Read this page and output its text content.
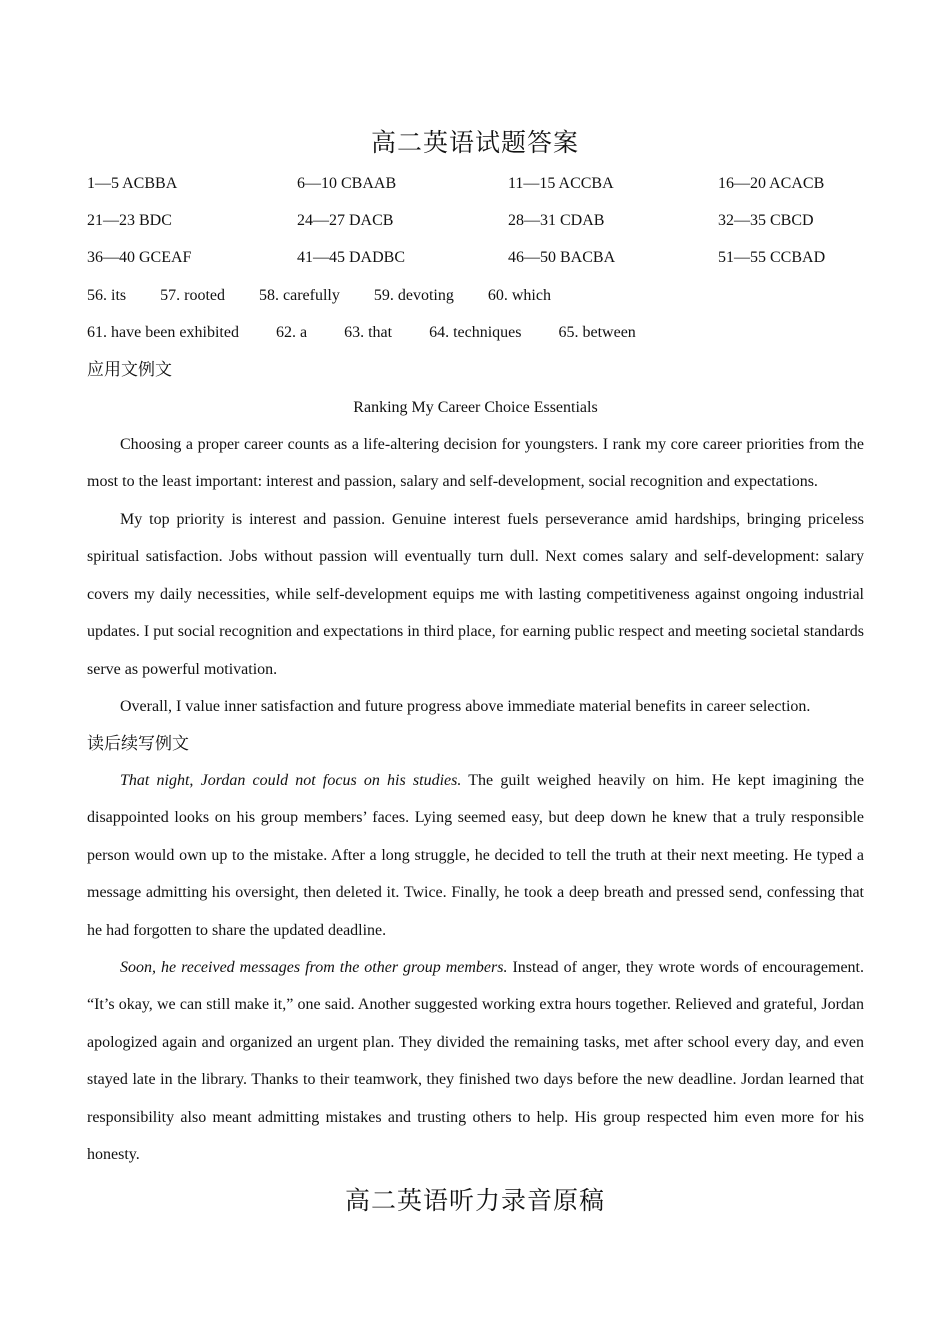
高二英语试题答案
1—5 ACBBA	6—10 CBAAB	11—15 ACCBA	16—20 ACACB
21—23 BDC	24—27 DACB	28—31 CDAB	32—35 CBCD
36—40 GCEAF	41—45 DADBC	46—50 BACBA	51—55 CCBAD
56. its 57. rooted 58. carefully 59. devoting 60. which
61. have been exhibited 62. a 63. that 64. techniques 65. between
应用文例文
Ranking My Career Choice Essentials

Choosing a proper career counts as a life-altering decision for youngsters. I rank my core career priorities from the most to the least important: interest and passion, salary and self-development, social recognition and expectations.

My top priority is interest and passion. Genuine interest fuels perseverance amid hardships, bringing priceless spiritual satisfaction. Jobs without passion will eventually turn dull. Next comes salary and self-development: salary covers my daily necessities, while self-development equips me with lasting competitiveness against ongoing industrial updates. I put social recognition and expectations in third place, for earning public respect and meeting societal standards serve as powerful motivation.

Overall, I value inner satisfaction and future progress above immediate material benefits in career selection.

读后续写例文

That night, Jordan could not focus on his studies. The guilt weighed heavily on him. He kept imagining the disappointed looks on his group members’ faces. Lying seemed easy, but deep down he knew that a truly responsible person would own up to the mistake. After a long struggle, he decided to tell the truth at their next meeting. He typed a message admitting his oversight, then deleted it. Twice. Finally, he took a deep breath and pressed send, confessing that he had forgotten to share the updated deadline.

Soon, he received messages from the other group members. Instead of anger, they wrote words of encouragement. “It’s okay, we can still make it,” one said. Another suggested working extra hours together. Relieved and grateful, Jordan apologized again and organized an urgent plan. They divided the remaining tasks, met after school every day, and even stayed late in the library. Thanks to their teamwork, they finished two days before the new deadline. Jordan learned that responsibility also meant admitting mistakes and trusting others to help. His group respected him even more for his honesty.

高二英语听力录音原稿
